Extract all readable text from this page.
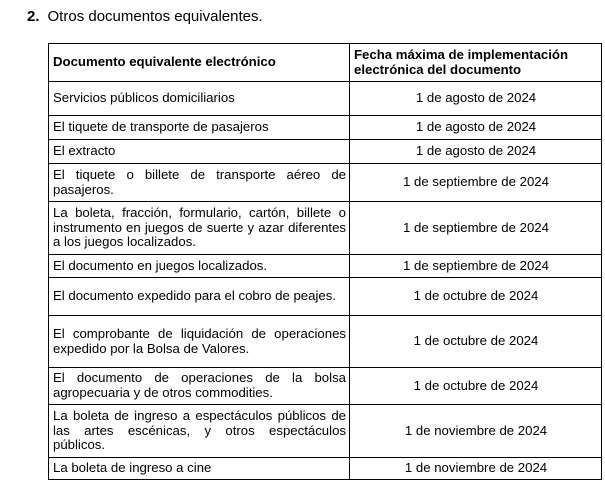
2. Otros documentos equivalentes.
Documento equivalente electrónico	Fecha máxima de implementación electrónica del documento
Servicios públicos domiciliarios	1 de agosto de 2024
El tiquete de transporte de pasajeros	1 de agosto de 2024
El extracto	1 de agosto de 2024
El tiquete o billete de transporte aéreo de pasajeros.	1 de septiembre de 2024
La boleta, fracción, formulario, cartón, billete o instrumento en juegos de suerte y azar diferentes a los juegos localizados.	1 de septiembre de 2024
El documento en juegos localizados.	1 de septiembre de 2024
El documento expedido para el cobro de peajes.	1 de octubre de 2024
El comprobante de liquidación de operaciones expedido por la Bolsa de Valores.	1 de octubre de 2024
El documento de operaciones de la bolsa agropecuaria y de otros commodities.	1 de octubre de 2024
La boleta de ingreso a espectáculos públicos de las artes escénicas, y otros espectáculos públicos.	1 de noviembre de 2024
La boleta de ingreso a cine	1 de noviembre de 2024
